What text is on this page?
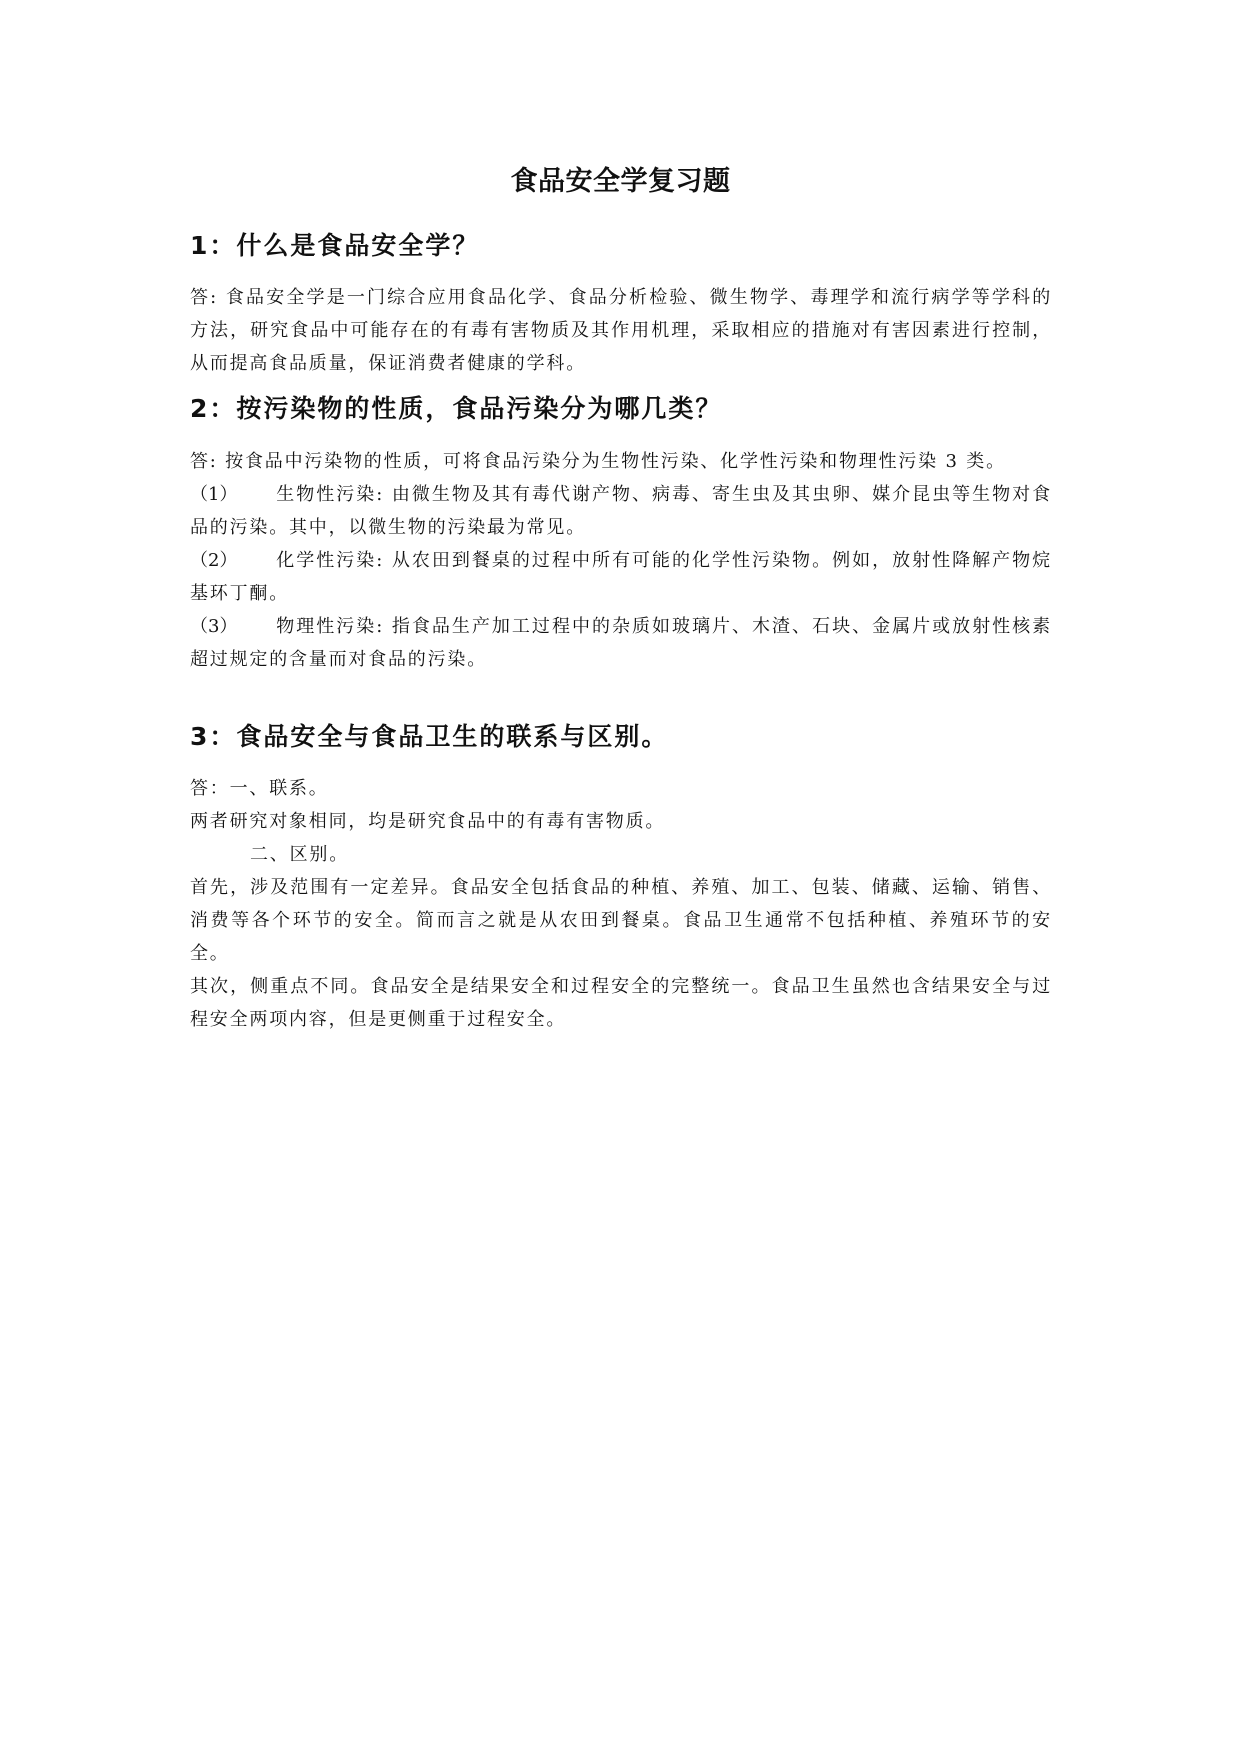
食品安全学复习题
1：什么是食品安全学？

答: 食品安全学是一门综合应用食品化学、食品分析检验、微生物学、毒理学和流行病学等学科的方法，研究食品中可能存在的有毒有害物质及其作用机理，采取相应的措施对有害因素进行控制，从而提高食品质量，保证消费者健康的学科。

2：按污染物的性质，食品污染分为哪几类？

答: 按食品中污染物的性质，可将食品污染分为生物性污染、化学性污染和物理性污染 3 类。

（1） 生物性污染: 由微生物及其有毒代谢产物、病毒、寄生虫及其虫卵、媒介昆虫等生物对食品的污染。其中，以微生物的污染最为常见。

（2） 化学性污染: 从农田到餐桌的过程中所有可能的化学性污染物。例如，放射性降解产物烷基环丁酮。

（3） 物理性污染: 指食品生产加工过程中的杂质如玻璃片、木渣、石块、金属片或放射性核素超过规定的含量而对食品的污染。

3：食品安全与食品卫生的联系与区别。

答：一、联系。

两者研究对象相同，均是研究食品中的有毒有害物质。

二、区别。

首先，涉及范围有一定差异。食品安全包括食品的种植、养殖、加工、包装、储藏、运输、销售、消费等各个环节的安全。简而言之就是从农田到餐桌。食品卫生通常不包括种植、养殖环节的安全。

其次，侧重点不同。食品安全是结果安全和过程安全的完整统一。食品卫生虽然也含结果安全与过程安全两项内容，但是更侧重于过程安全。
